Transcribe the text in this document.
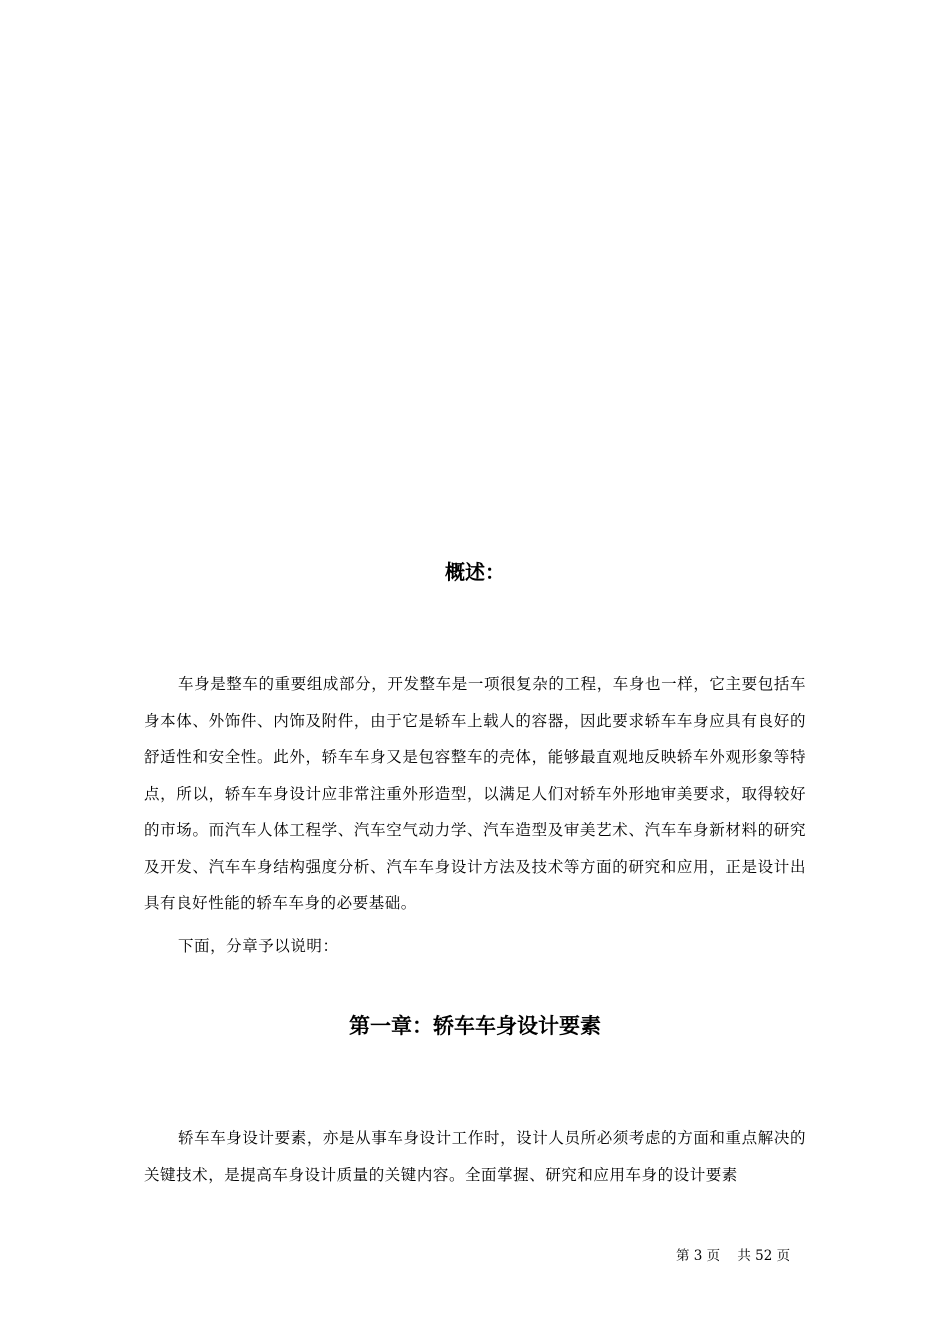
概述：

车身是整车的重要组成部分，开发整车是一项很复杂的工程，车身也一样，它主要包括车身本体、外饰件、内饰及附件，由于它是轿车上载人的容器，因此要求轿车车身应具有良好的舒适性和安全性。此外，轿车车身又是包容整车的壳体，能够最直观地反映轿车外观形象等特点，所以，轿车车身设计应非常注重外形造型，以满足人们对轿车外形地审美要求，取得较好的市场。而汽车人体工程学、汽车空气动力学、汽车造型及审美艺术、汽车车身新材料的研究及开发、汽车车身结构强度分析、汽车车身设计方法及技术等方面的研究和应用，正是设计出具有良好性能的轿车车身的必要基础。

下面，分章予以说明：

第一章：轿车车身设计要素

轿车车身设计要素，亦是从事车身设计工作时，设计人员所必须考虑的方面和重点解决的关键技术，是提高车身设计质量的关键内容。全面掌握、研究和应用车身的设计要素

第 3 页    共 52 页
